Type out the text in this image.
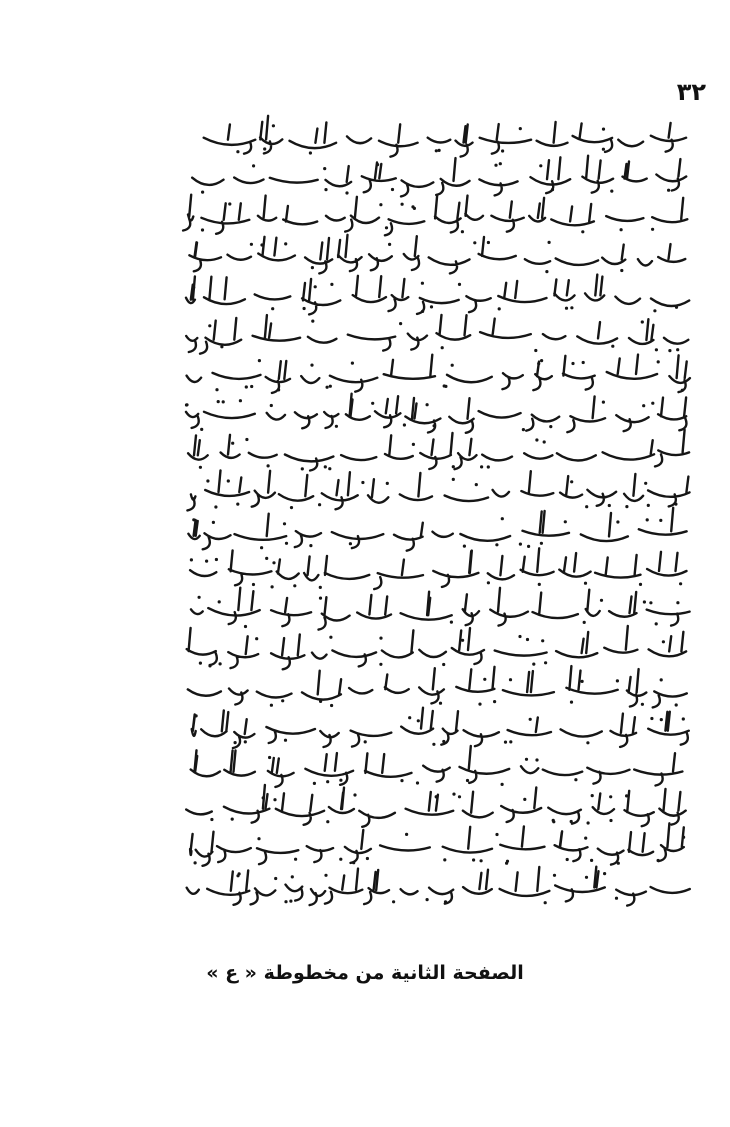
٣٢
الصفحة الثانية من مخطوطة « ع »
